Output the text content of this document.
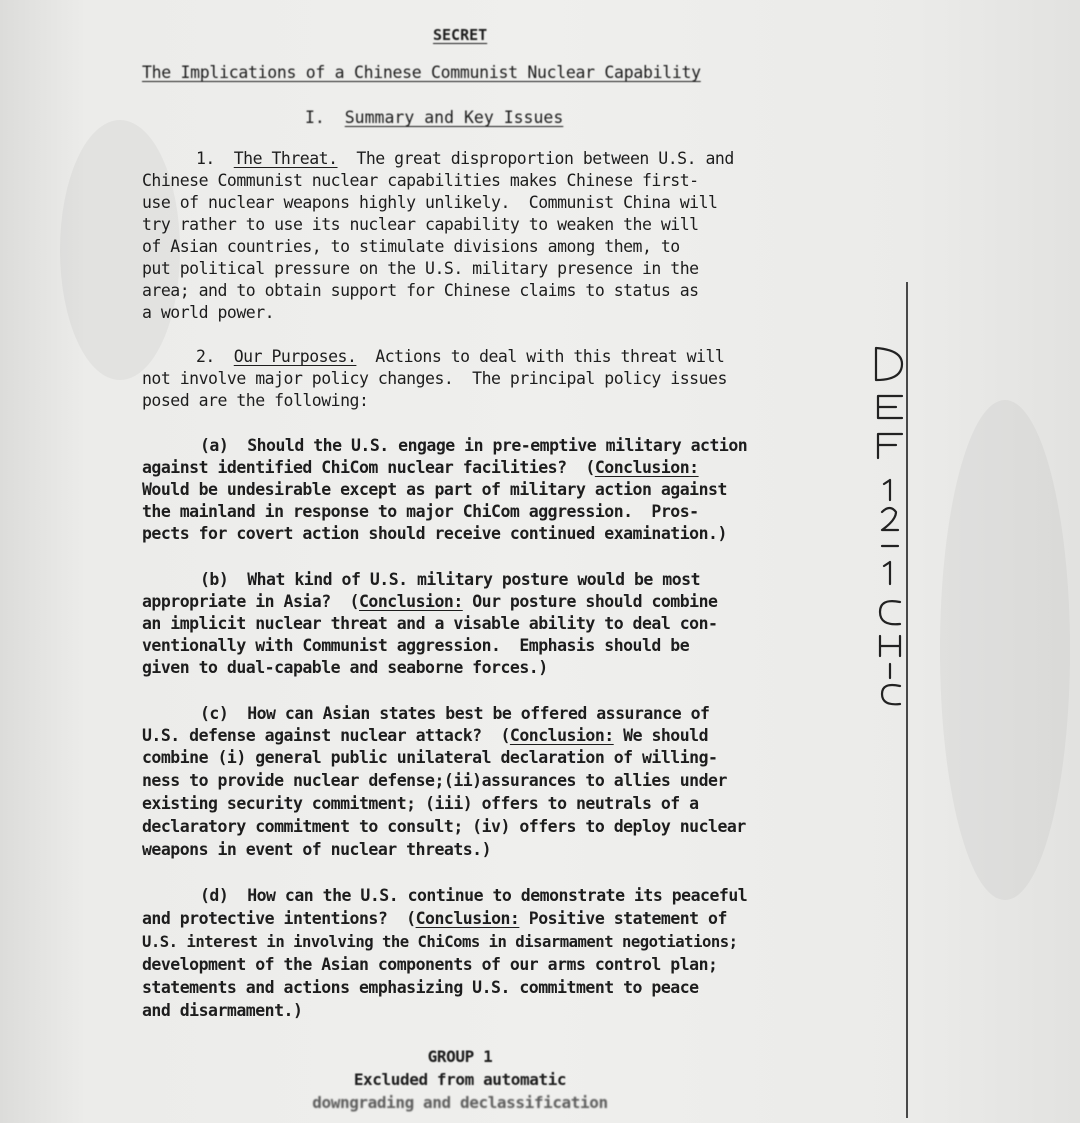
SECRET
The Implications of a Chinese Communist Nuclear Capability
I. Summary and Key Issues
1. The Threat. The great disproportion between U.S. and
Chinese Communist nuclear capabilities makes Chinese first-
use of nuclear weapons highly unlikely.  Communist China will
try rather to use its nuclear capability to weaken the will
of Asian countries, to stimulate divisions among them, to
put political pressure on the U.S. military presence in the
area; and to obtain support for Chinese claims to status as
a world power.
2. Our Purposes. Actions to deal with this threat will
not involve major policy changes.  The principal policy issues
posed are the following:
(a) Should the U.S. engage in pre-emptive military action
against identified ChiCom nuclear facilities?  (Conclusion:
Would be undesirable except as part of military action against
the mainland in response to major ChiCom aggression.  Pros-
pects for covert action should receive continued examination.)
(b) What kind of U.S. military posture would be most
appropriate in Asia?  (Conclusion: Our posture should combine
an implicit nuclear threat and a visable ability to deal con-
ventionally with Communist aggression.  Emphasis should be
given to dual-capable and seaborne forces.)
(c) How can Asian states best be offered assurance of
U.S. defense against nuclear attack?  (Conclusion: We should
combine (i) general public unilateral declaration of willing-
ness to provide nuclear defense;(ii)assurances to allies under
existing security commitment; (iii) offers to neutrals of a
declaratory commitment to consult; (iv) offers to deploy nuclear
weapons in event of nuclear threats.)
(d) How can the U.S. continue to demonstrate its peaceful
and protective intentions?  (Conclusion: Positive statement of
U.S. interest in involving the ChiComs in disarmament negotiations;
development of the Asian components of our arms control plan;
statements and actions emphasizing U.S. commitment to peace
and disarmament.)
GROUP 1
Excluded from automatic
downgrading and declassification
